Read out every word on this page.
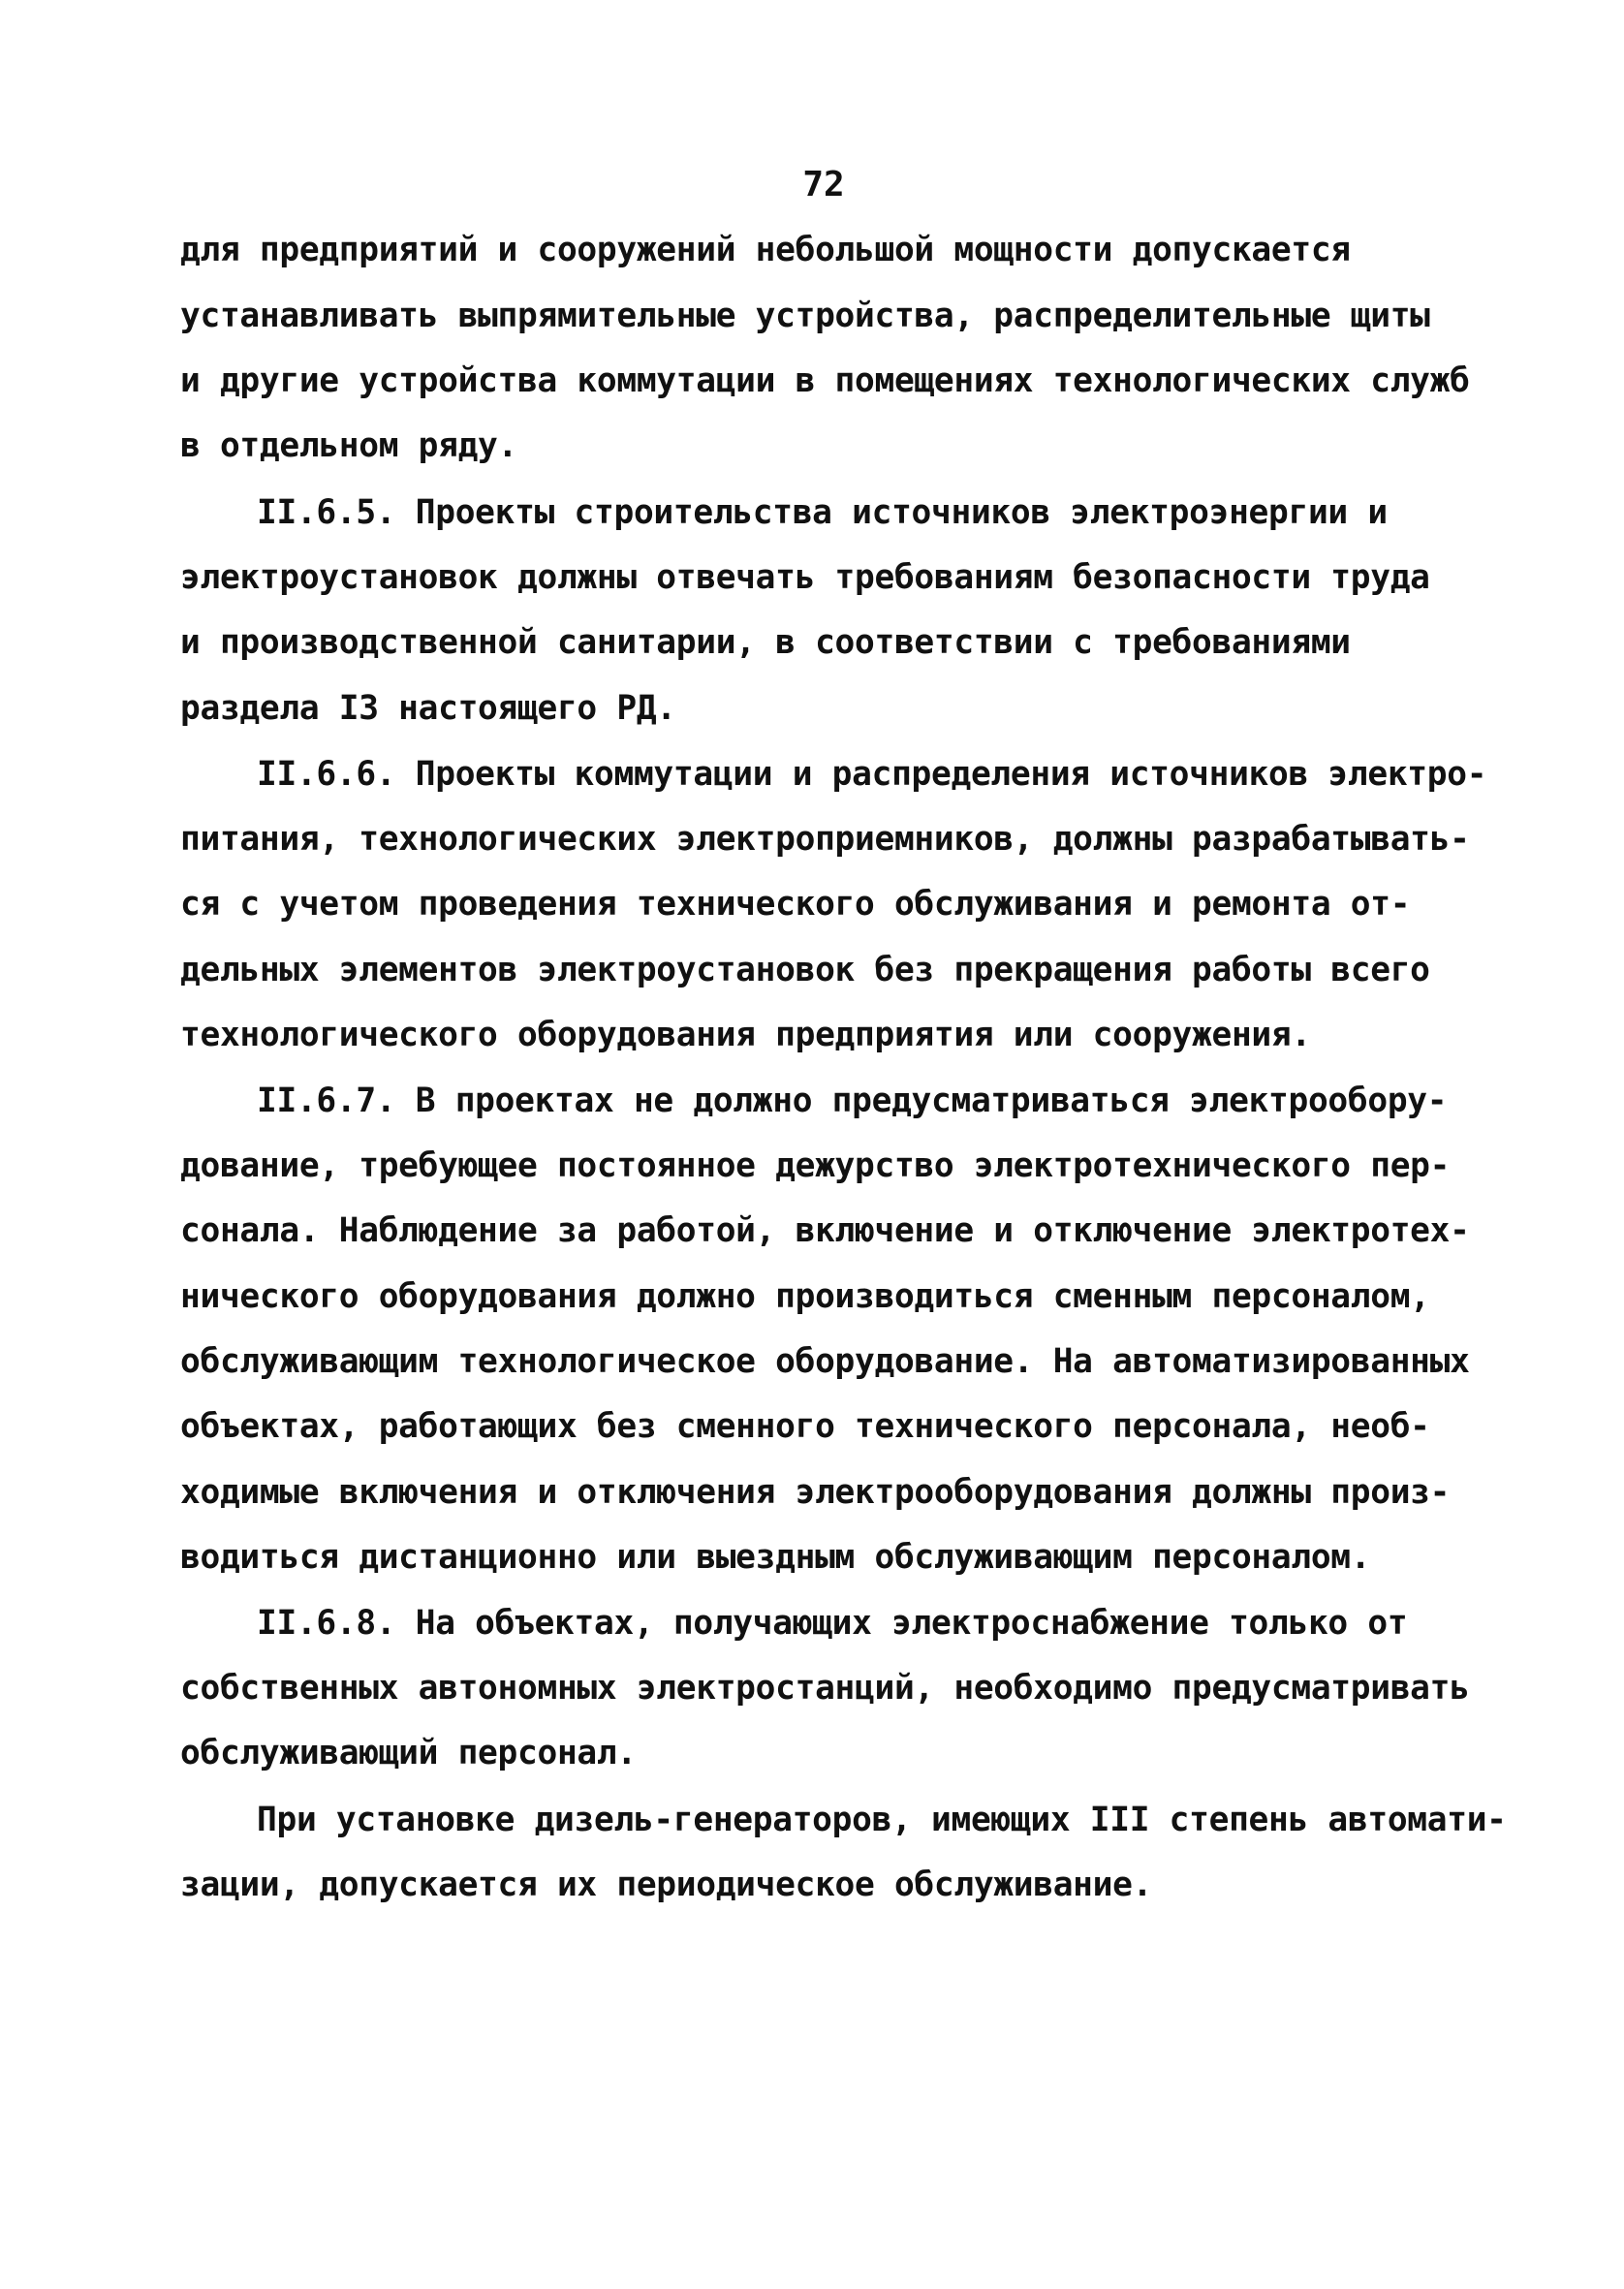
72
для предприятий и сооружений небольшой мощности допускается
устанавливать выпрямительные устройства, распределительные щиты
и другие устройства коммутации в помещениях технологических служб
в отдельном ряду.
II.6.5. Проекты строительства источников электроэнергии и
электроустановок должны отвечать требованиям безопасности труда
и производственной санитарии, в соответствии с требованиями
раздела I3 настоящего РД.
II.6.6. Проекты коммутации и распределения источников электро-
питания, технологических электроприемников, должны разрабатывать-
ся с учетом проведения технического обслуживания и ремонта от-
дельных элементов электроустановок без прекращения работы всего
технологического оборудования предприятия или сооружения.
II.6.7. В проектах не должно предусматриваться электрообору-
дование, требующее постоянное дежурство электротехнического пер-
сонала. Наблюдение за работой, включение и отключение электротех-
нического оборудования должно производиться сменным персоналом,
обслуживающим технологическое оборудование. На автоматизированных
объектах, работающих без сменного технического персонала, необ-
ходимые включения и отключения электрооборудования должны произ-
водиться дистанционно или выездным обслуживающим персоналом.
II.6.8. На объектах, получающих электроснабжение только от
собственных автономных электростанций, необходимо предусматривать
обслуживающий персонал.
При установке дизель-генераторов, имеющих III степень автомати-
зации, допускается их периодическое обслуживание.
